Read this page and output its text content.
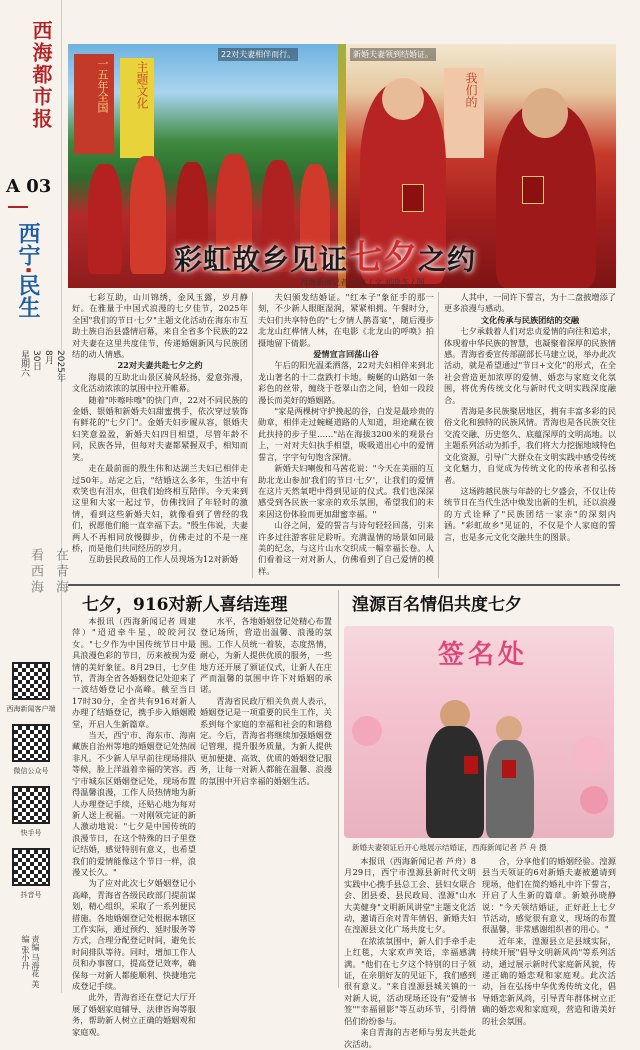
西海都市报
A 03
西宁·民生
2025年
8月
30日
星期六
在青海
看西海
西海新闻客户端
微信公众号
快手号
抖音号
责编 马海花 美编 张小丹
一五年全国	主题文化
22对夫妻相伴而行。
我们的
新婚夫妻领到结婚证。
彩虹故乡见证七夕之约
西海新闻记者 吴卓 / 文 祁晓冬 / 图

七彩互助，山川锦绣，金风玉露，岁月静好。在雅量于中国式浪漫的七夕佳节，2025年全国"我们的节日·七夕"主题文化活动在海东市互助土族自治县盛情启幕，来自全省多个民族的22对夫妻在这里共度佳节，传递婚姻新风与民族团结的动人情感。

22对夫妻共赴七夕之约

海晨的互助北山景区骑风轻扬，爱意弥漫，文化活动浓浓的氛围中拉开帷幕。

随着"咔嚓咔嚓"的快门声，22对不同民族的金婚、银婚和新婚夫妇甜蜜携手，依次穿过装饰有鲜花的"七夕门"。金婚夫妇步履从容，银婚夫妇笑意盈盈，新婚夫妇四目相望，尽管年龄不同，民族各异，但每对夫妻都紧握双手，相知而笑。

走在最前面的殷生伟和达湖兰夫妇已相伴走过50年。站定之后，"结婚这么多年，生活中有欢笑也有泪水，但我们始终相互陪伴。今天来到这里和大家一起过节，仿佛找回了年轻时的激情，看到这些新婚夫妇，就像看到了曾经的我们，祝愿他们能一直幸福下去。"殷生伟说，夫妻两人不再相同放慢脚步，仿佛走过的不是一座桥，而是他们共同经历的岁月。

互助县民政局的工作人员现场为12对新婚

夫妇颁发结婚证。"红本子"象征手的那一刻，不少新人眼眶湿润，紧紧相拥。午餐时分，夫妇们共享特色的"七夕情人鹊喜宴"，随后漫步北龙山红桦情人林，在电影《北龙山的呼唤》拍摄地留下倩影。

爱情宣言回荡山谷

午后的阳光温柔洒落，22对夫妇相伴来到北龙山著名的十二盘跌打卡地。蜿蜒的山路如一条彩色的丝带，缠绕于苍翠山峦之间，恰如一段段漫长而美好的婚姻路。

"家是两棵树守护挽起的谷，白发是最珍贵的勋章，相伴走过蜿蜒道路的人知道，坦途藏在彼此扶持的步子里……"站在海拔3200米的观景台上，一对对夫妇执手相望，吸吸道出心中的爱情誓言，字字句句饱含深情。

新婚夫妇喇俊和马茜花说："今天在美丽的互助北龙山参加'我们的节日·七夕'，让我们的爱情在这片天然氧吧中得到见证的仪式。我们也深深感受到各民族一家亲的欢乐氛围，希望我们的未来因这份体验而更加甜蜜幸福。"

山谷之间，爱的誓言与诗句轻轻回荡，引来许多过往游客驻足聆听。充满温情的场景如同最美的纪念，与这片山水交织成一幅幸福长卷。人们看着这一对对新人，仿佛看到了自己爱情的模样。

人其中，一同许下誓言，为十二盘披增添了更多浪漫与感动。

文化传承与民族团结的交融

七夕承载着人们对忠贞爱情的向往和追求，体现着中华民族的智慧，也凝聚着深厚的民族情感。青海省委宣传部副部长马建立说，举办此次活动，就是希望通过"节日+文化"的形式，在全社会营造更加浓厚的爱情、婚恋与家庭文化氛围，将优秀传统文化与新时代文明实践深度融合。

青海是多民族聚居地区，拥有丰富多彩的民俗文化和独特的民族风情。青海也是各民族交往交流交融、历史悠久、底蕴深厚的文明高地。以主题系列活动为抓手，我们将大力挖掘地域特色文化资源，引导广大群众在文明实践中感受传统文化魅力，自觉成为传统文化的传承者和弘扬者。

这场跨越民族与年龄的七夕盛会，不仅让传统节日在当代生活中焕发出新的生机，还以浪漫的方式诠释了"民族团结一家亲"的深刻内涵。"彩虹故乡"见证的，不仅是个人家庭的誓言，也是多元文化交融共生的图景。

七夕，916对新人喜结连理

本报讯（西海新闻记者 周建萍）"迢迢牵牛星，皎皎河汉女。"七夕作为中国传统节日中最具浪漫色彩的节日，历来被视为爱情的美好象征。8月29日，七夕佳节，青海全省各婚姻登记处迎来了一波结婚登记小高峰。截至当日17时30分，全省共有916对新人办理了结婚登记，携手步入婚姻殿堂，开启人生新篇章。

当天，西宁市、海东市、海南藏族自治州等地的婚姻登记处热闹非凡。不少新人早早前往现场排队等候，脸上洋溢着幸福的笑容。西宁市城东区婚姻登记处，现场布置得温馨浪漫，工作人员热情地为新人办理登记手续，还贴心地为每对新人送上祝福。一对刚领完证的新人激动地说："七夕是中国传统的浪漫节日，在这个特殊的日子里登记结婚，感觉特别有意义，也希望我们的爱情能像这个节日一样，浪漫又长久。"

为了应对此次七夕婚姻登记小高峰，青海省各级民政部门提前谋划，精心组织，采取了一系列便民措施。各地婚姻登记处根据本辖区工作实际，通过预约、延时服务等方式，合理分配登记时间，避免长时间排队等待。同时，增加工作人员和办事窗口，提高登记效率，确保每一对新人都能顺利、快捷地完成登记手续。

此外，青海省还在登记大厅开展了婚姻家庭辅导、法律咨询等服务，帮助新人树立正确的婚姻观和家庭观。

水平，各地婚姻登记处精心布置登记场所，营造出温馨、浪漫的氛围。工作人员统一着装，态度热情，耐心，为新人提供优质的服务，一些地方还开展了颁证仪式，让新人在庄严而温馨的氛围中许下对婚姻的承诺。

青海省民政厅相关负责人表示，婚姻登记是一项重要的民生工作，关系到每个家庭的幸福和社会的和谐稳定。今后，青海省将继续加强婚姻登记管理，提升服务质量，为新人提供更加便捷、高效、优质的婚姻登记服务，让每一对新人都能在温馨、浪漫的氛围中开启幸福的婚姻生活。

湟源百名情侣共度七夕
签名处
新婚夫妻领证后开心地展示结婚证，西海新闻记者 芦 舟 摄

本报讯（西海新闻记者 芦舟）8月29日，西宁市湟源县新时代文明实践中心携手县总工会、县妇女联合会、团县委、县民政局、湟源"山水大美健身"文明新风讲堂"主题文化活动，邀请百余对青年情侣、新婚夫妇在湟源县文化广场共度七夕。

在浓浓氛围中，新人们手牵手走上红毯，大家欢声笑语，幸福感满满。"他们在七夕这个特别的日子领证，在亲朋好友的见证下，我们感到很有意义。"来自湟源县城关镇的一对新人说，活动现场还设有"爱情书签""幸福留影"等互动环节，引得情侣们纷纷参与。

来自青海的吉老师与男友共赴此次活动。

合，分享他们的婚姻经验。湟源县当天领证的6对新婚夫妻被邀请到现场，他们在简约婚礼中许下誓言，开启了人生新的篇章。新娘孙晓静说："今天领结婚证，正好赶上七夕节活动，感觉很有意义，现场的布置很温馨，非常感谢组织者的用心。"

近年来，湟源县立足县域实际，持续开展"倡导文明新风尚"等系列活动，通过展示新时代家庭新风貌，传递正确的婚恋观和家庭观。此次活动，旨在弘扬中华优秀传统文化，倡导婚恋新风尚，引导青年群体树立正确的婚恋观和家庭观，营造和谐美好的社会氛围。
